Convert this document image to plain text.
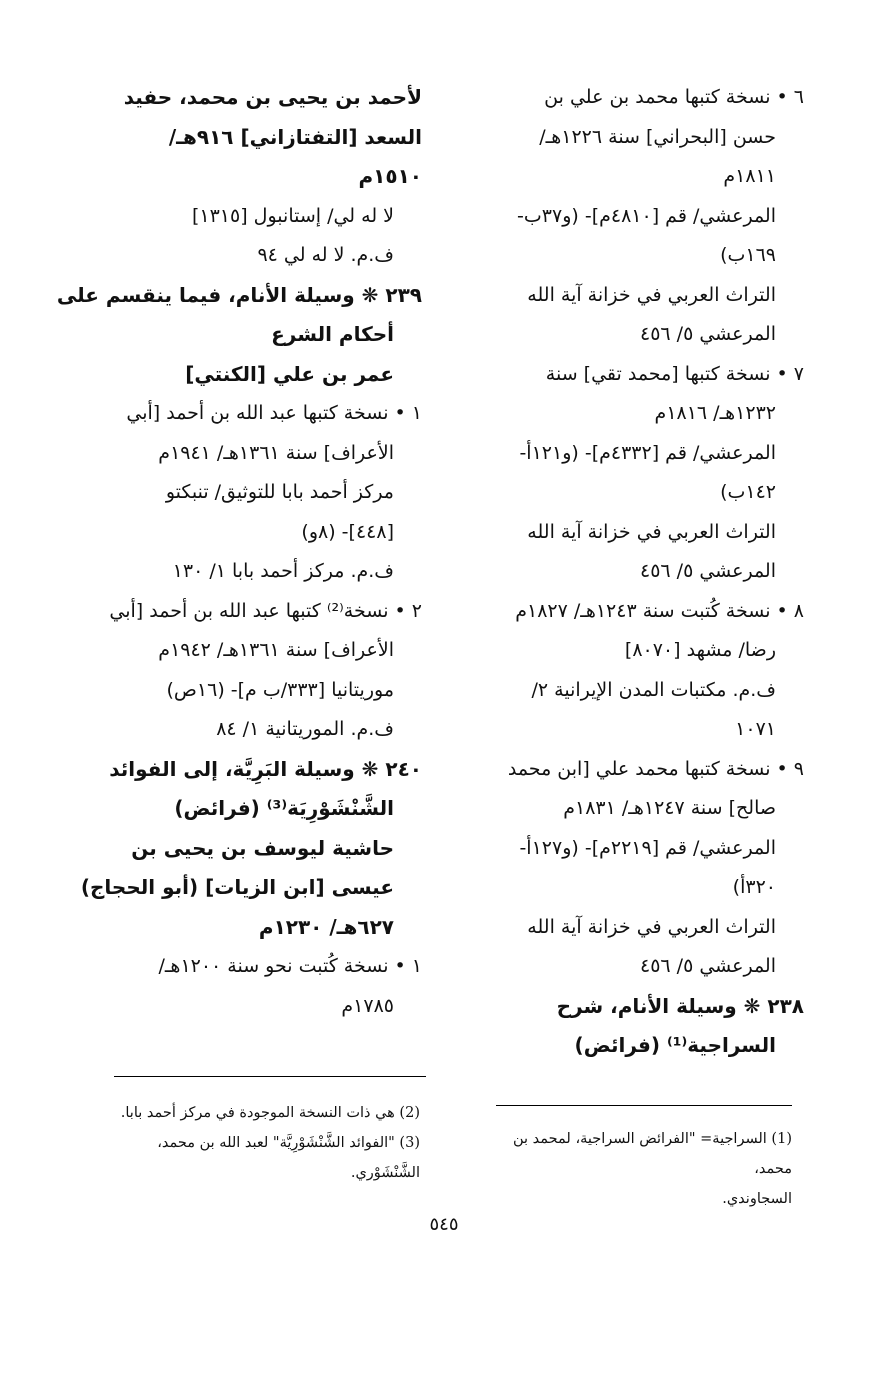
٦ • نسخة كتبها محمد بن علي بن
حسن [البحراني] سنة ١٢٢٦هـ/
١٨١١م
المرعشي/ قم [٤٨١٠م]- (و٣٧ب-
١٦٩ب)
التراث العربي في خزانة آية الله
المرعشي ٥/ ٤٥٦
٧ • نسخة كتبها [محمد تقي] سنة
١٢٣٢هـ/ ١٨١٦م
المرعشي/ قم [٤٣٣٢م]- (و١٢١أ-
١٤٢ب)
التراث العربي في خزانة آية الله
المرعشي ٥/ ٤٥٦
٨ • نسخة كُتبت سنة ١٢٤٣هـ/ ١٨٢٧م
رضا/ مشهد [٨٠٧٠]
ف.م. مكتبات المدن الإيرانية ٢/
١٠٧١
٩ • نسخة كتبها محمد علي [ابن محمد
صالح] سنة ١٢٤٧هـ/ ١٨٣١م
المرعشي/ قم [٢٢١٩م]- (و١٢٧أ-
٣٢٠أ)
التراث العربي في خزانة آية الله
المرعشي ٥/ ٤٥٦
٢٣٨ ❋ وسيلة الأنام، شرح
السراجية⁽¹⁾ (فرائض)
لأحمد بن يحيى بن محمد، حفيد
السعد [التفتازاني] ٩١٦هـ/
١٥١٠م
لا له لي/ إستانبول [١٣١٥]
ف.م. لا له لي ٩٤
٢٣٩ ❋ وسيلة الأنام، فيما ينقسم على
أحكام الشرع
عمر بن علي [الكنتي]
١ • نسخة كتبها عبد الله بن أحمد [أبي
الأعراف] سنة ١٣٦١هـ/ ١٩٤١م
مركز أحمد بابا للتوثيق/ تنبكتو
[٤٤٨]- (٨و)
ف.م. مركز أحمد بابا ١/ ١٣٠
٢ • نسخة⁽²⁾ كتبها عبد الله بن أحمد [أبي
الأعراف] سنة ١٣٦١هـ/ ١٩٤٢م
موريتانيا [٣٣٣/ب م]- (١٦ص)
ف.م. الموريتانية ١/ ٨٤
٢٤٠ ❋ وسيلة البَرِيَّة، إلى الفوائد
الشَّنْشَوْرِيَة⁽³⁾ (فرائض)
حاشية ليوسف بن يحيى بن
عيسى [ابن الزيات] (أبو الحجاج)
٦٢٧هـ/ ١٢٣٠م
١ • نسخة كُتبت نحو سنة ١٢٠٠هـ/
١٧٨٥م
(1) السراجية= "الفرائض السراجية، لمحمد بن محمد،
السجاوندي.
(2) هي ذات النسخة الموجودة في مركز أحمد بابا.
(3) "الفوائد الشَّنْشَوْرِيَّة" لعبد الله بن محمد،
الشَّنْشَوْري.
٥٤٥
